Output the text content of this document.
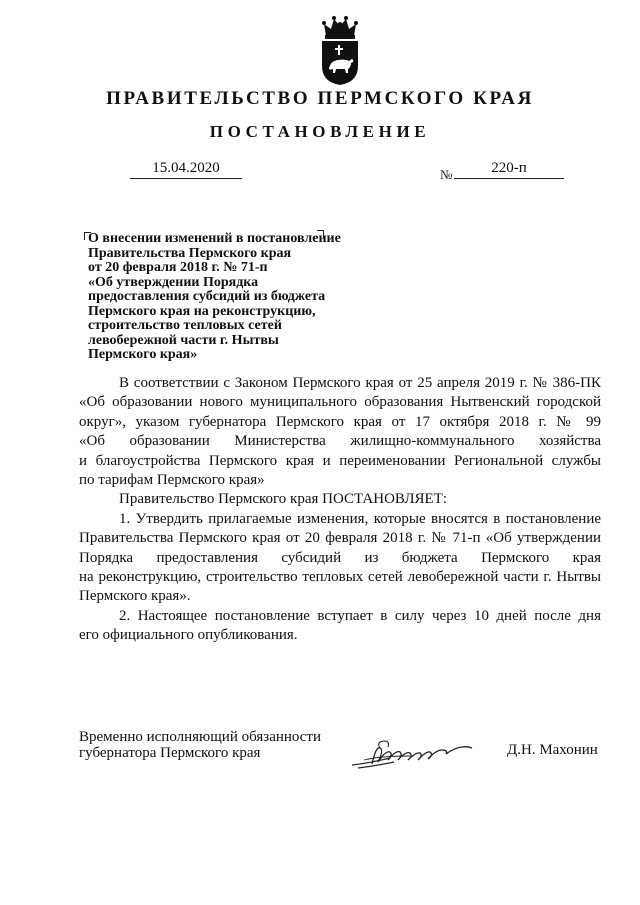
ПРАВИТЕЛЬСТВО ПЕРМСКОГО КРАЯ
ПОСТАНОВЛЕНИЕ
15.04.2020	№	220-п
О внесении изменений в постановление
Правительства Пермского края
от 20 февраля 2018 г. № 71-п
«Об утверждении Порядка
предоставления субсидий из бюджета
Пермского края на реконструкцию,
строительство тепловых сетей
левобережной части г. Нытвы
Пермского края»

В соответствии с Законом Пермского края от 25 апреля 2019 г. № 386-ПК

«Об образовании нового муниципального образования Нытвенский городской

округ», указом губернатора Пермского края от 17 октября 2018 г. № 99

«Об образовании Министерства жилищно-коммунального хозяйства

и благоустройства Пермского края и переименовании Региональной службы

по тарифам Пермского края»

Правительство Пермского края ПОСТАНОВЛЯЕТ:

1. Утвердить прилагаемые изменения, которые вносятся в постановление

Правительства Пермского края от 20 февраля 2018 г. № 71-п «Об утверждении

Порядка предоставления субсидий из бюджета Пермского края

на реконструкцию, строительство тепловых сетей левобережной части г. Нытвы

Пермского края».

2. Настоящее постановление вступает в силу через 10 дней после дня

его официального опубликования.

Временно исполняющий обязанности
губернатора Пермского края	Д.Н. Махонин
